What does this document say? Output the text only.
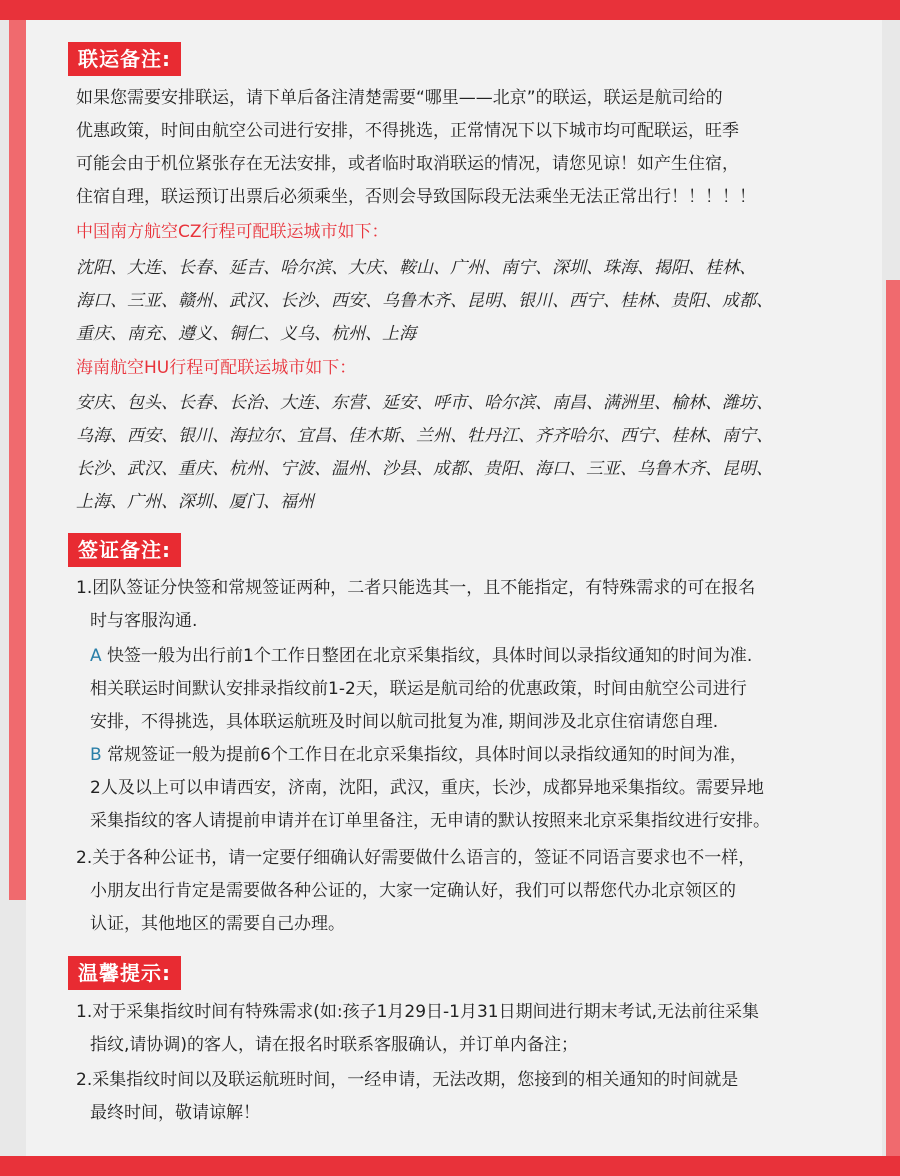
联运备注:
如果您需要安排联运，请下单后备注清楚需要“哪里——北京”的联运，联运是航司给的
优惠政策，时间由航空公司进行安排，不得挑选，正常情况下以下城市均可配联运，旺季
可能会由于机位紧张存在无法安排，或者临时取消联运的情况，请您见谅！如产生住宿，
住宿自理，联运预订出票后必须乘坐，否则会导致国际段无法乘坐无法正常出行！！！！！
中国南方航空CZ行程可配联运城市如下：
沈阳、大连、长春、延吉、哈尔滨、大庆、鞍山、广州、南宁、深圳、珠海、揭阳、桂林、
海口、三亚、赣州、武汉、长沙、西安、乌鲁木齐、昆明、银川、西宁、桂林、贵阳、成都、
重庆、南充、遵义、铜仁、义乌、杭州、上海
海南航空HU行程可配联运城市如下：
安庆、包头、长春、长治、大连、东营、延安、呼市、哈尔滨、南昌、满洲里、榆林、潍坊、
乌海、西安、银川、海拉尔、宜昌、佳木斯、兰州、牡丹江、齐齐哈尔、西宁、桂林、南宁、
长沙、武汉、重庆、杭州、宁波、温州、沙县、成都、贵阳、海口、三亚、乌鲁木齐、昆明、
上海、广州、深圳、厦门、福州
签证备注:
1.团队签证分快签和常规签证两种，二者只能选其一，且不能指定，有特殊需求的可在报名
时与客服沟通.
A 快签一般为出行前1个工作日整团在北京采集指纹，具体时间以录指纹通知的时间为准.
相关联运时间默认安排录指纹前1-2天，联运是航司给的优惠政策，时间由航空公司进行
安排，不得挑选，具体联运航班及时间以航司批复为准, 期间涉及北京住宿请您自理.
B 常规签证一般为提前6个工作日在北京采集指纹，具体时间以录指纹通知的时间为准，
2人及以上可以申请西安，济南，沈阳，武汉，重庆，长沙，成都异地采集指纹。需要异地
采集指纹的客人请提前申请并在订单里备注，无申请的默认按照来北京采集指纹进行安排。
2.关于各种公证书，请一定要仔细确认好需要做什么语言的，签证不同语言要求也不一样，
小朋友出行肯定是需要做各种公证的，大家一定确认好，我们可以帮您代办北京领区的
认证，其他地区的需要自己办理。
温馨提示:
1.对于采集指纹时间有特殊需求(如:孩子1月29日-1月31日期间进行期末考试,无法前往采集
指纹,请协调)的客人，请在报名时联系客服确认，并订单内备注；
2.采集指纹时间以及联运航班时间，一经申请，无法改期，您接到的相关通知的时间就是
最终时间，敬请谅解！
